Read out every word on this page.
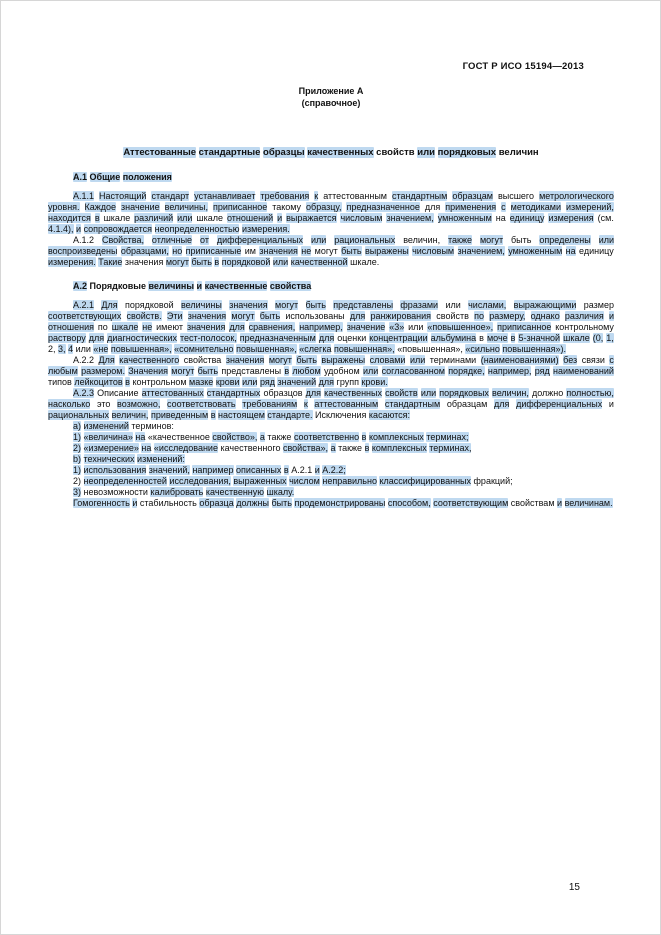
ГОСТ Р ИСО 15194—2013
Приложение А
(справочное)
Аттестованные стандартные образцы качественных свойств или порядковых величин
А.1 Общие положения
А.1.1 Настоящий стандарт устанавливает требования к аттестованным стандартным образцам высшего метрологического уровня. Каждое значение величины, приписанное такому образцу, предназначенное для применения с методиками измерений, находится в шкале различий или шкале отношений и выражается числовым значением, умноженным на единицу измерения (см. 4.1.4), и сопровождается неопределенностью измерения.
А.1.2 Свойства, отличные от дифференциальных или рациональных величин, также могут быть определены или воспроизведены образцами, но приписанные им значения не могут быть выражены числовым значением, умноженным на единицу измерения. Такие значения могут быть в порядковой или качественной шкале.
А.2 Порядковые величины и качественные свойства
А.2.1 Для порядковой величины значения могут быть представлены фразами или числами, выражающими размер соответствующих свойств. Эти значения могут быть использованы для ранжирования свойств по размеру, однако различия и отношения по шкале не имеют значения для сравнения, например, значение «3» или «повышенное», приписанное контрольному раствору для диагностических тест-полосок, предназначенным для оценки концентрации альбумина в моче в 5-значной шкале (0, 1, 2, 3, 4 или «не повышенная», «сомнительно повышенная», «слегка повышенная», «повышенная», «сильно повышенная»).
А.2.2 Для качественного свойства значения могут быть выражены словами или терминами (наименованиями) без связи с любым размером. Значения могут быть представлены в любом удобном или согласованном порядке, например, ряд наименований типов лейкоцитов в контрольном мазке крови или ряд значений для групп крови.
А.2.3 Описание аттестованных стандартных образцов для качественных свойств или порядковых величин, должно полностью, насколько это возможно, соответствовать требованиям к аттестованным стандартным образцам для дифференциальных и рациональных величин, приведенным в настоящем стандарте. Исключения касаются:
а) изменений терминов:
1) «величина» на «качественное свойство», а также соответственно в комплексных терминах;
2) «измерение» на «исследование качественного свойства», а также в комплексных терминах,
b) технических изменений:
1) использования значений, например описанных в А.2.1 и А.2.2;
2) неопределенностей исследования, выраженных числом неправильно классифицированных фракций;
3) невозможности калибровать качественную шкалу.
Гомогенность и стабильность образца должны быть продемонстрированы способом, соответствующим свойствам и величинам.
15
